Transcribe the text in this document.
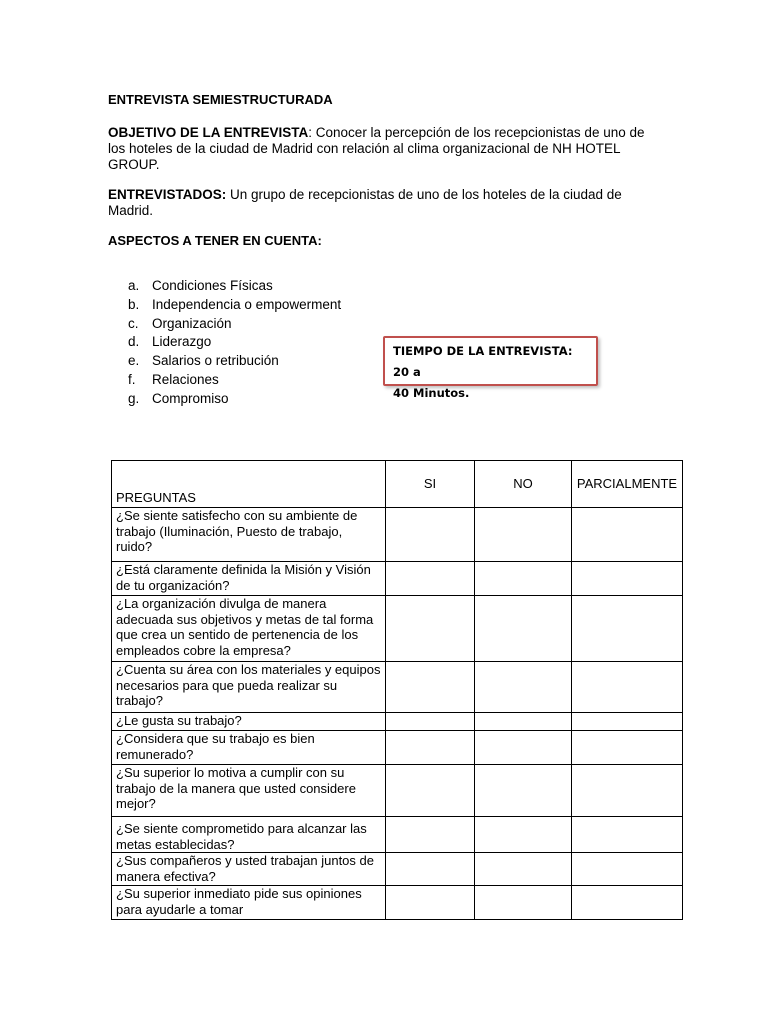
ENTREVISTA SEMIESTRUCTURADA

OBJETIVO DE LA ENTREVISTA: Conocer la percepción de los recepcionistas de uno de los hoteles de la ciudad de Madrid con relación al clima organizacional de NH HOTEL GROUP.

ENTREVISTADOS: Un grupo de recepcionistas de uno de los hoteles de la ciudad de Madrid.

ASPECTOS A TENER EN CUENTA:

a. Condiciones Físicas
b. Independencia o empowerment
c. Organización
d. Liderazgo
e. Salarios o retribución
f. Relaciones
g. Compromiso
TIEMPO DE LA ENTREVISTA: 20 a
40 Minutos.
PREGUNTAS	SI	NO	PARCIALMENTE
¿Se siente satisfecho con su ambiente de trabajo (Iluminación, Puesto de trabajo, ruido?			
¿Está claramente definida la Misión y Visión de tu organización?			
¿La organización divulga de manera adecuada sus objetivos y metas de tal forma que crea un sentido de pertenencia de los empleados cobre la empresa?			
¿Cuenta su área con los materiales y equipos necesarios para que pueda realizar su trabajo?			
¿Le gusta su trabajo?			
¿Considera que su trabajo es bien remunerado?			
¿Su superior lo motiva a cumplir con su trabajo de la manera que usted considere mejor?			
¿Se siente comprometido para alcanzar las metas establecidas?			
¿Sus compañeros y usted trabajan juntos de manera efectiva?			
¿Su superior inmediato pide sus opiniones para ayudarle a tomar			
